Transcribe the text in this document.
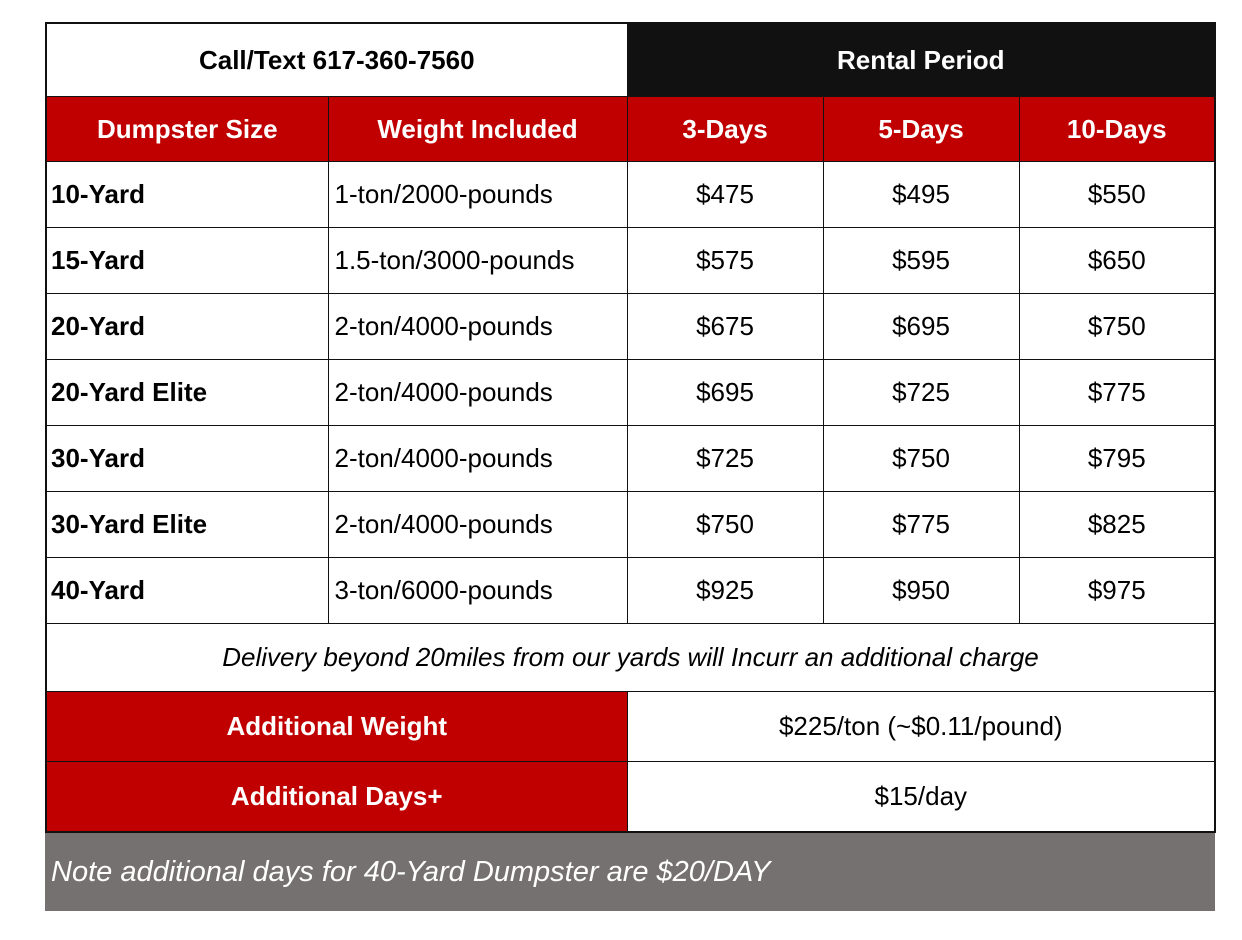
Call/Text 617-360-7560		Rental Period		
Dumpster Size	Weight Included	3-Days	5-Days	10-Days
10-Yard	1-ton/2000-pounds	$475	$495	$550
15-Yard	1.5-ton/3000-pounds	$575	$595	$650
20-Yard	2-ton/4000-pounds	$675	$695	$750
20-Yard Elite	2-ton/4000-pounds	$695	$725	$775
30-Yard	2-ton/4000-pounds	$725	$750	$795
30-Yard Elite	2-ton/4000-pounds	$750	$775	$825
40-Yard	3-ton/6000-pounds	$925	$950	$975
Delivery beyond 20miles from our yards will Incurr an additional charge				
Additional Weight		$225/ton (~$0.11/pound)		
Additional Days+		$15/day		
Note additional days for 40-Yard Dumpster are $20/DAY
